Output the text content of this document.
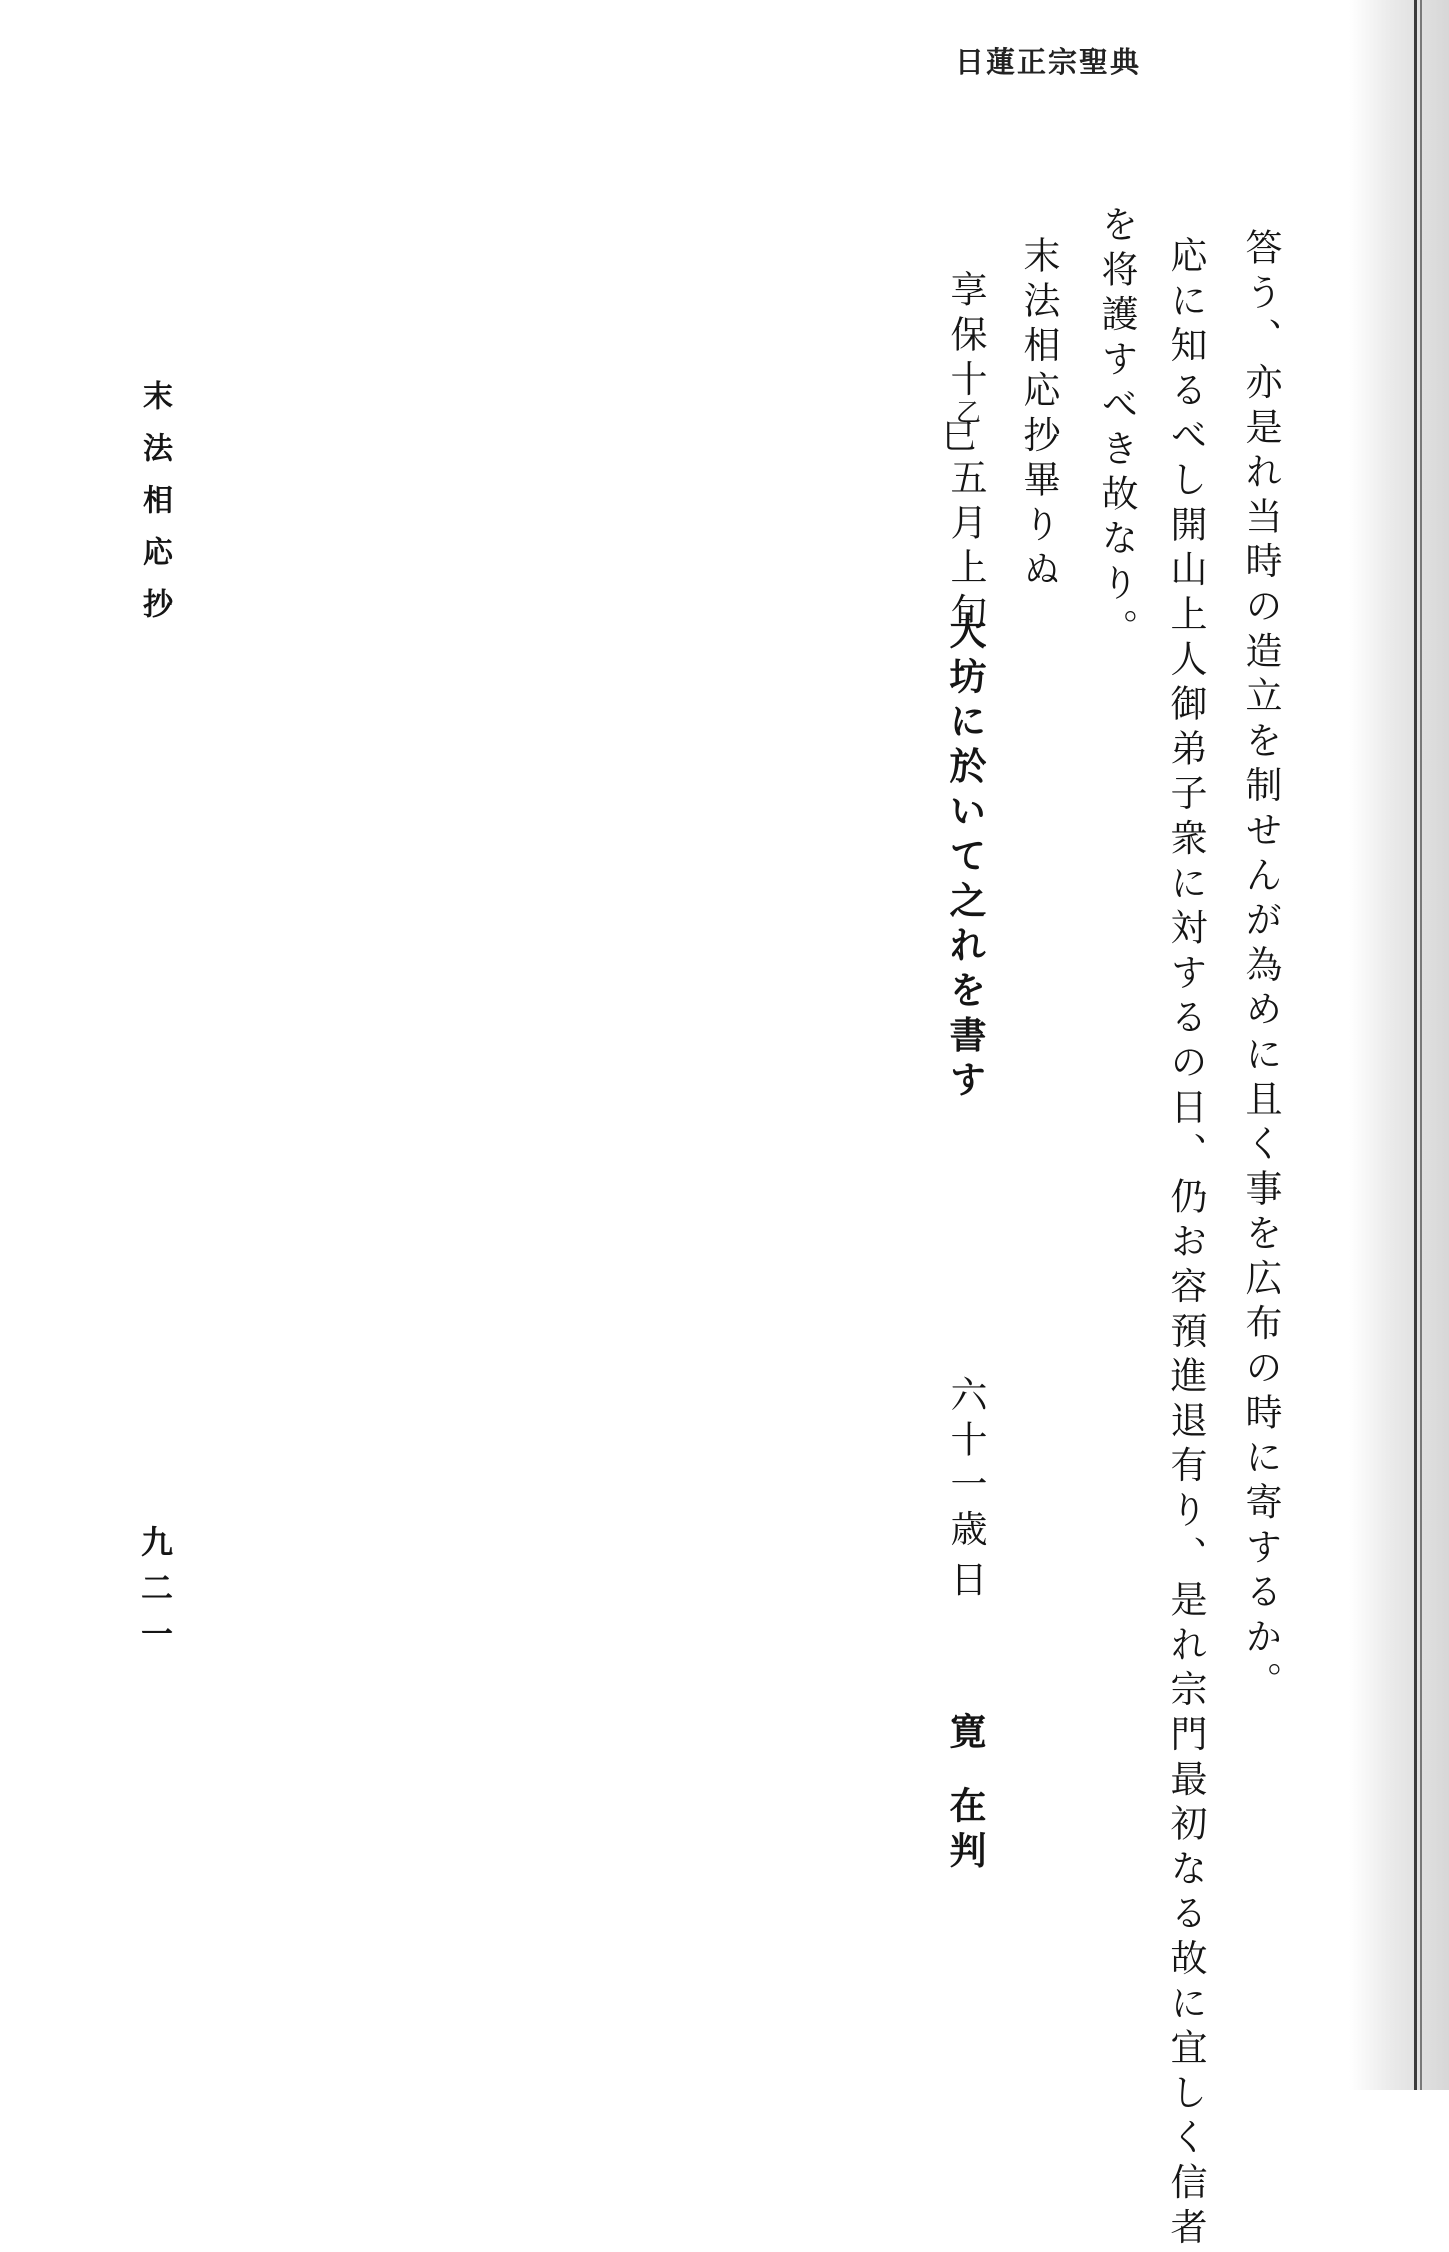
日蓮正宗聖典
答う、亦是れ当時の造立を制せんが為めに且く事を広布の時に寄するか。
応に知るべし開山上人御弟子衆に対するの日、仍お容預進退有り、是れ宗門最初なる故に宜しく信者
を将護すべき故なり。
末法相応抄畢りぬ
享保十
乙
巳
五月上旬
大坊に於いて之れを書す
六十一歳
日
寛
在判
末法相応抄
九二一
